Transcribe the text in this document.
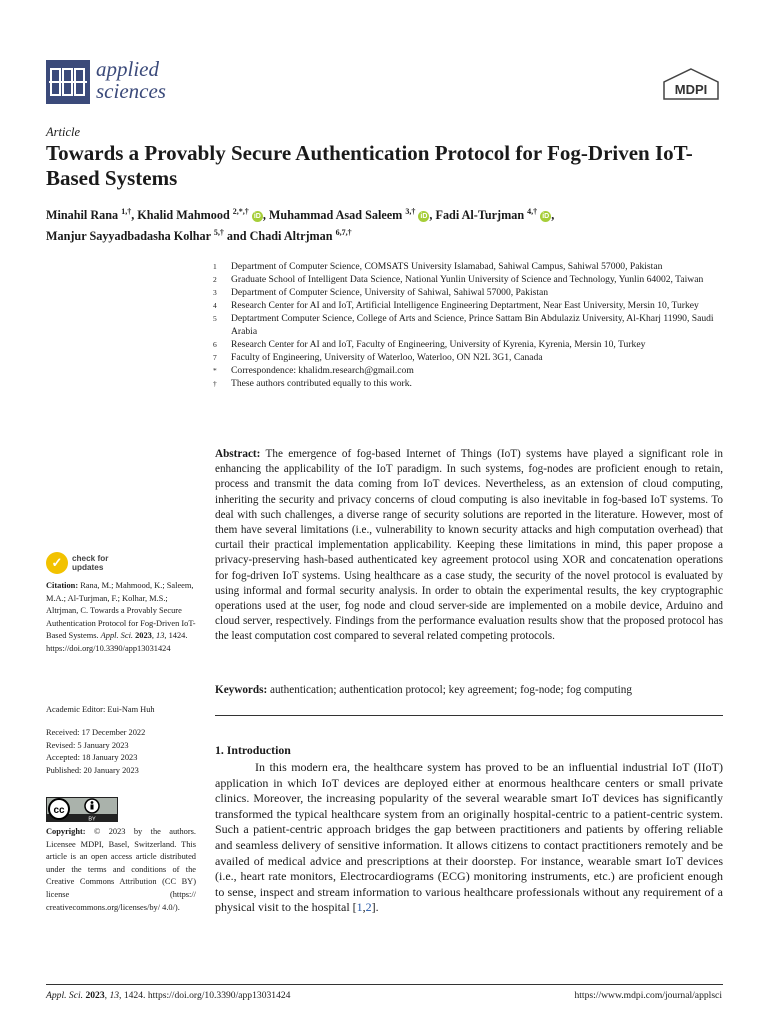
applied
sciences	MDPI
Article
Towards a Provably Secure Authentication Protocol for Fog-Driven IoT-Based Systems
Minahil Rana $^{1,\dagger}$, Khalid Mahmood $^{2,*,\dagger}$ iD , Muhammad Asad Saleem $^{3,\dagger}$ iD , Fadi Al-Turjman $^{4,\dagger}$ iD ,
Manjur Sayyadbadasha Kolhar $^{5,\dagger}$ and Chadi Altrjman $^{6,7,\dagger}$
1	Department of Computer Science, COMSATS University Islamabad, Sahiwal Campus, Sahiwal 57000, Pakistan
2	Graduate School of Intelligent Data Science, National Yunlin University of Science and Technology, Yunlin 64002, Taiwan
3	Department of Computer Science, University of Sahiwal, Sahiwal 57000, Pakistan
4	Research Center for AI and IoT, Artificial Intelligence Engineering Deptartment, Near East University, Mersin 10, Turkey
5	Deptartment Computer Science, College of Arts and Science, Prince Sattam Bin Abdulaziz University, Al-Kharj 11990, Saudi Arabia
6	Research Center for AI and IoT, Faculty of Engineering, University of Kyrenia, Kyrenia, Mersin 10, Turkey
7	Faculty of Engineering, University of Waterloo, Waterloo, ON N2L 3G1, Canada
*	Correspondence: khalidm.research@gmail.com
†	These authors contributed equally to this work.
Abstract: The emergence of fog-based Internet of Things (IoT) systems have played a significant role in enhancing the applicability of the IoT paradigm. In such systems, fog-nodes are proficient enough to retain, process and transmit the data coming from IoT devices. Nevertheless, as an extension of cloud computing, inheriting the security and privacy concerns of cloud computing is also inevitable in fog-based IoT systems. To deal with such challenges, a diverse range of security solutions are reported in the literature. However, most of them have several limitations (i.e., vulnerability to known security attacks and high computation overhead) that curtail their practical implementation applicability. Keeping these limitations in mind, this paper propose a privacy-preserving hash-based authenticated key agreement protocol using XOR and concatenation operations for fog-driven IoT systems. Using healthcare as a case study, the security of the novel protocol is evaluated by using informal and formal security analysis. In order to obtain the experimental results, the key cryptographic operations used at the user, fog node and cloud server-side are implemented on a mobile device, Arduino and cloud server, respectively. Findings from the performance evaluation results show that the proposed protocol has the least computation cost compared to several related competing protocols.
Keywords: authentication; authentication protocol; key agreement; fog-node; fog computing
1. Introduction
In this modern era, the healthcare system has proved to be an influential industrial IoT (IIoT) application in which IoT devices are deployed either at enormous healthcare centers or small private clinics. Moreover, the increasing popularity of the several wearable smart IoT devices has significantly transformed the typical healthcare system from an originally hospital-centric to a patient-centric system. Such a patient-centric approach bridges the gap between practitioners and patients by offering reliable and seamless delivery of sensitive information. It allows citizens to contact practitioners remotely and be availed of medical advice and prescriptions at their doorstep. For instance, wearable smart IoT devices (i.e., heart rate monitors, Electrocardiograms (ECG) monitoring instruments, etc.) are proficient enough to sense, inspect and stream information to various healthcare professionals without any requirement of a physical visit to the hospital [1,2].
✓	check for
updates
Citation: Rana, M.; Mahmood, K.; Saleem, M.A.; Al-Turjman, F.; Kolhar, M.S.; Altrjman, C. Towards a Provably Secure Authentication Protocol for Fog-Driven IoT-Based Systems. Appl. Sci. 2023, 13, 1424. https://doi.org/10.3390/app13031424
Academic Editor: Eui-Nam Huh
Received: 17 December 2022
Revised: 5 January 2023
Accepted: 18 January 2023
Published: 20 January 2023
cc
BY
Copyright: © 2023 by the authors. Licensee MDPI, Basel, Switzerland. This article is an open access article distributed under the terms and conditions of the Creative Commons Attribution (CC BY) license (https:// creativecommons.org/licenses/by/ 4.0/).
Appl. Sci. 2023, 13, 1424. https://doi.org/10.3390/app13031424	https://www.mdpi.com/journal/applsci
